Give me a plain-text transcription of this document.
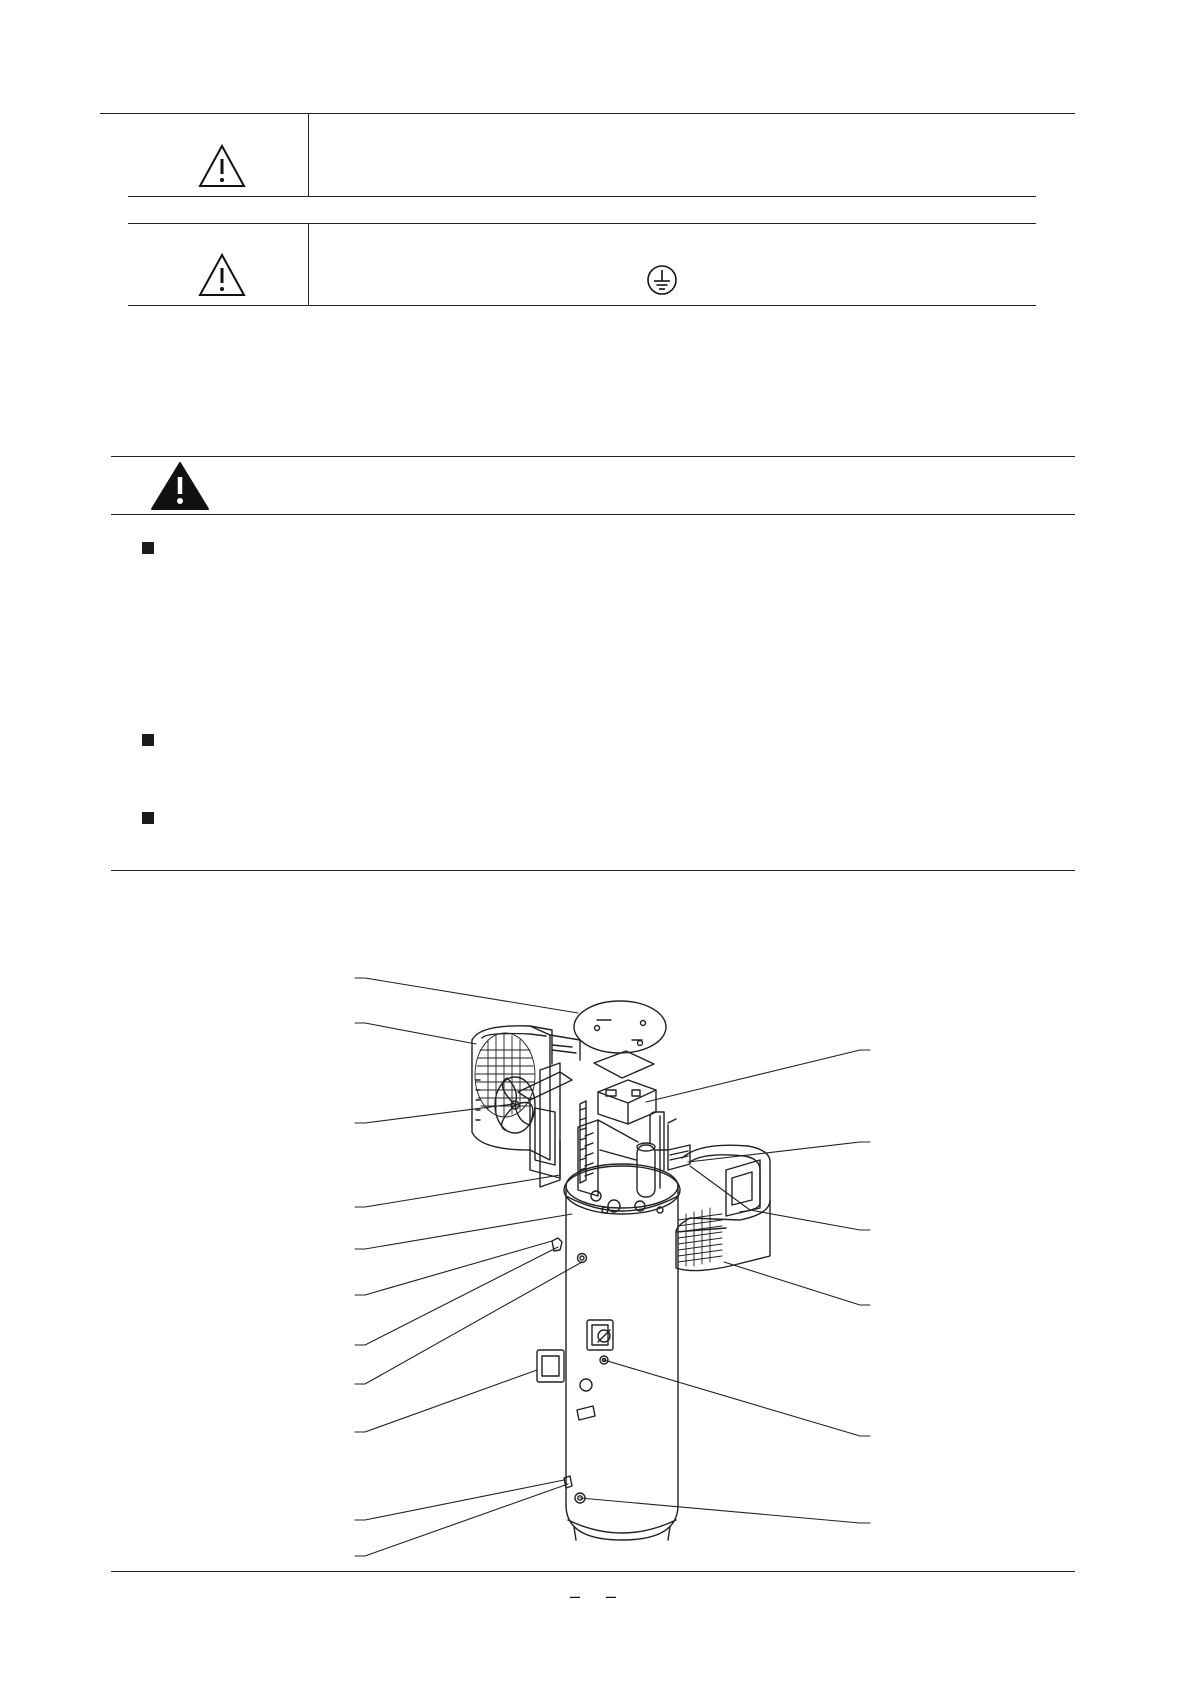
– –
